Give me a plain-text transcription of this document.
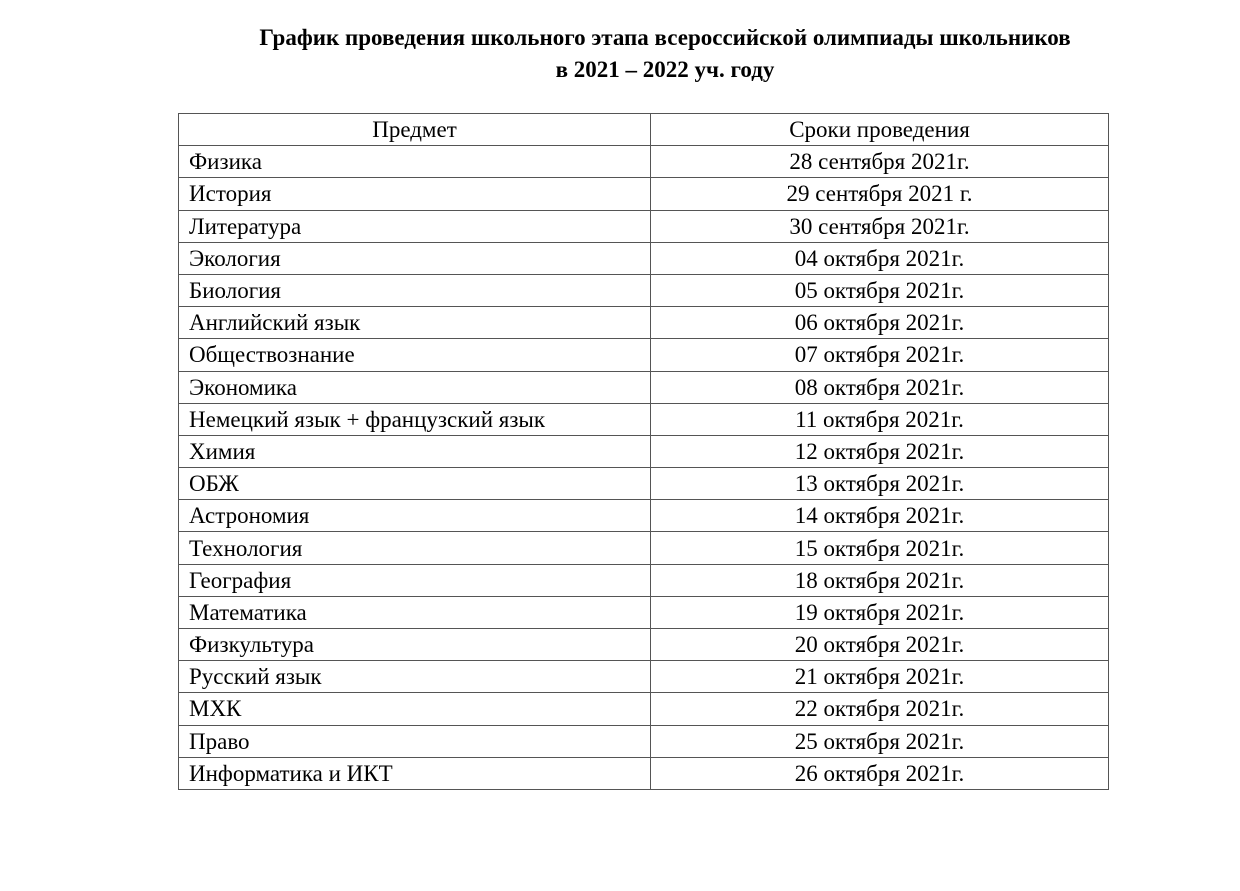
График проведения школьного этапа всероссийской олимпиады школьников
в 2021 – 2022 уч. году
Предмет	Сроки проведения
Физика	28 сентября 2021г.
История	29 сентября 2021 г.
Литература	30 сентября 2021г.
Экология	04 октября 2021г.
Биология	05 октября 2021г.
Английский язык	06 октября 2021г.
Обществознание	07 октября 2021г.
Экономика	08 октября 2021г.
Немецкий язык + французский язык	11 октября 2021г.
Химия	12 октября 2021г.
ОБЖ	13 октября 2021г.
Астрономия	14 октября 2021г.
Технология	15 октября 2021г.
География	18 октября 2021г.
Математика	19 октября 2021г.
Физкультура	20 октября 2021г.
Русский язык	21 октября 2021г.
МХК	22 октября 2021г.
Право	25 октября 2021г.
Информатика и ИКТ	26 октября 2021г.
